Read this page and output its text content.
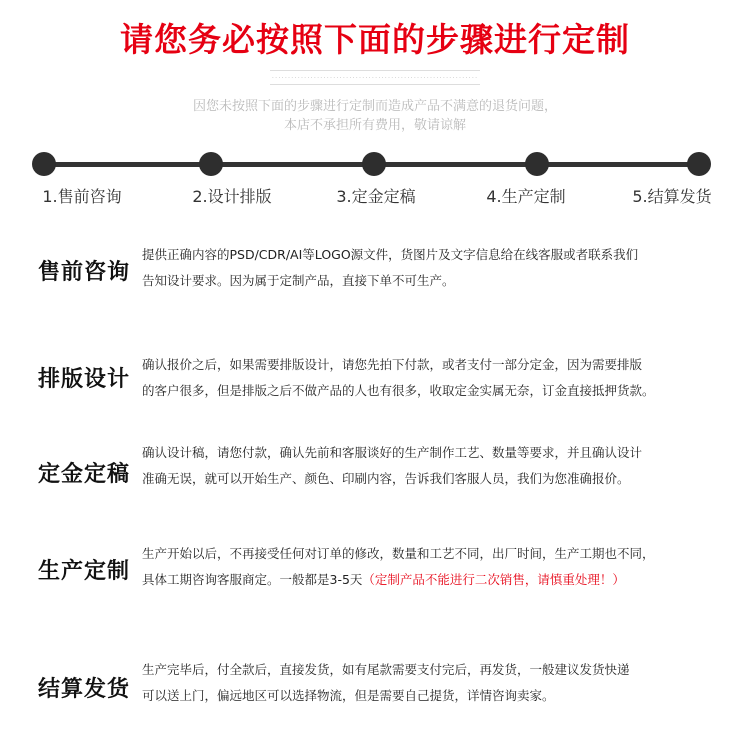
请您务必按照下面的步骤进行定制
................................................................
因您未按照下面的步骤进行定制而造成产品不满意的退货问题，
本店不承担所有费用，敬请谅解
1.售前咨询	2.设计排版	3.定金定稿	4.生产定制	5.结算发货
售前咨询
提供正确内容的PSD/CDR/AI等LOGO源文件，货图片及文字信息给在线客服或者联系我们
告知设计要求。因为属于定制产品，直接下单不可生产。
排版设计
确认报价之后，如果需要排版设计，请您先拍下付款，或者支付一部分定金，因为需要排版
的客户很多，但是排版之后不做产品的人也有很多，收取定金实属无奈，订金直接抵押货款。
定金定稿
确认设计稿，请您付款，确认先前和客服谈好的生产制作工艺、数量等要求，并且确认设计
准确无误，就可以开始生产、颜色、印刷内容，告诉我们客服人员，我们为您准确报价。
生产定制
生产开始以后，不再接受任何对订单的修改，数量和工艺不同，出厂时间，生产工期也不同，
具体工期咨询客服商定。一般都是3-5天（定制产品不能进行二次销售，请慎重处理！）
结算发货
生产完毕后，付全款后，直接发货，如有尾款需要支付完后，再发货，一般建议发货快递
可以送上门，偏远地区可以选择物流，但是需要自己提货，详情咨询卖家。
